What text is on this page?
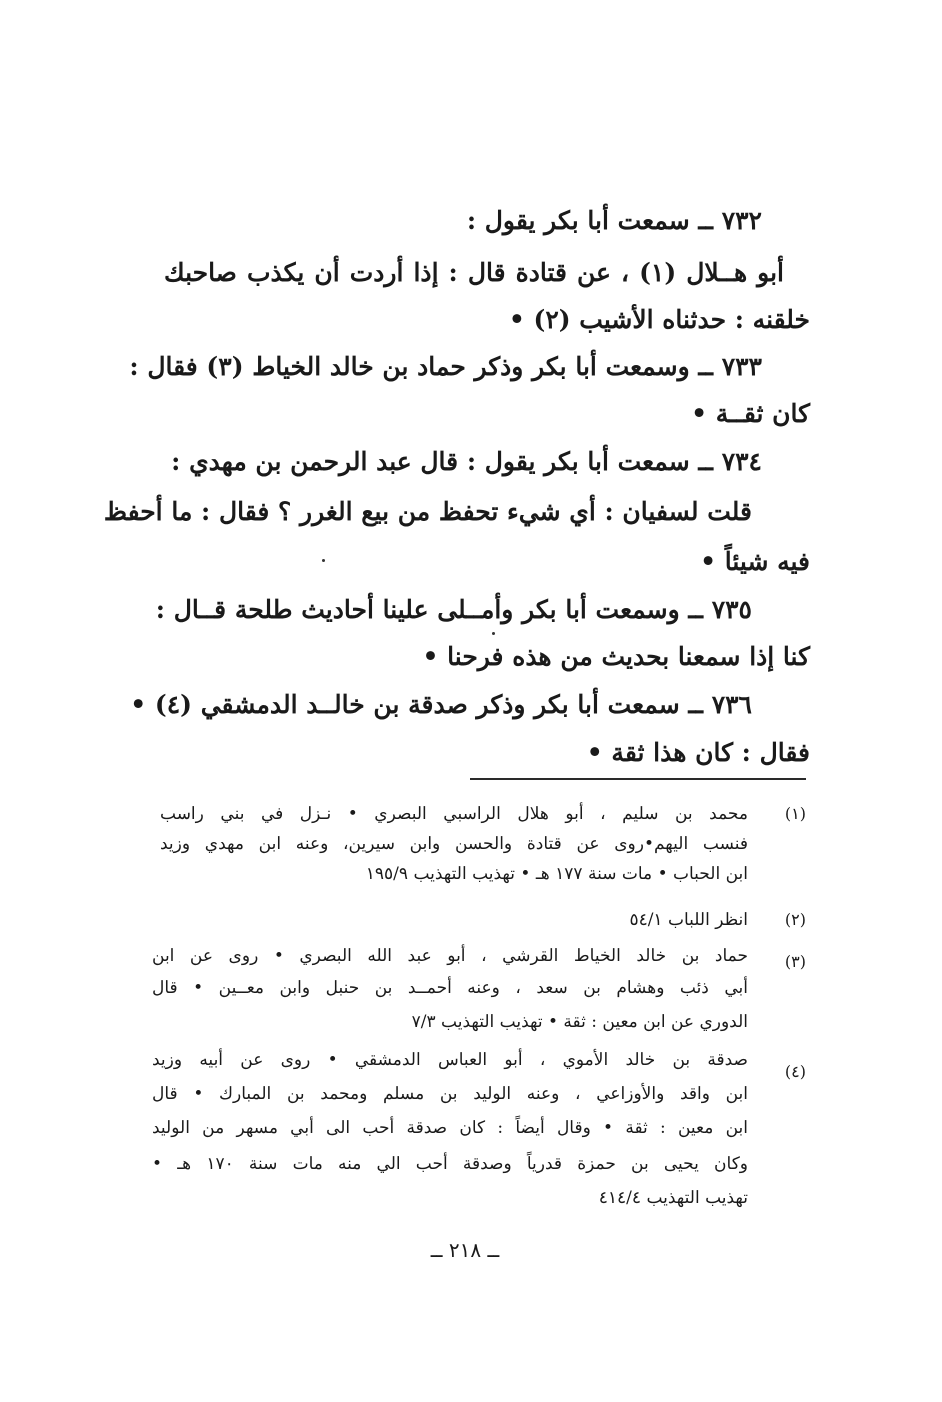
٧٣٢ ــ سمعت أبا بكر يقول :
أبو هــلال (١) ، عن قتادة قال : إذا أردت أن يكذب صاحبك
خلقنه : حدثناه الأشيب (٢) •
٧٣٣ ــ وسمعت أبا بكر وذكر حماد بن خالد الخياط (٣) فقال :
كان ثقــة •
٧٣٤ ــ سمعت أبا بكر يقول : قال عبد الرحمن بن مهدي :
قلت لسفيان : أي شيء تحفظ من بيع الغرر ؟ فقال : ما أحفظ
فيه شيئاً •
٧٣٥ ــ وسمعت أبا بكر وأمــلى علينا أحاديث طلحة قــال :
كنا إذا سمعنا بحديث من هذه فرحنا •
٧٣٦ ــ سمعت أبا بكر وذكر صدقة بن خالــد الدمشقي (٤) •
فقال : كان هذا ثقة •
(١)
محمد بن سليم ، أبو هلال الراسبي البصري • نـزل في بني راسب
فنسب اليهم•روى عن قتادة والحسن وابن سيرين، وعنه ابن مهدي وزيد
ابن الحباب • مات سنة ١٧٧ هـ • تهذيب التهذيب ١٩٥/٩
(٢)
انظر اللباب ٥٤/١
(٣)
حماد بن خالد الخياط القرشي ، أبو عبد الله البصري • روى عن ابن
أبي ذئب وهشام بن سعد ، وعنه أحمــد بن حنبل وابن معــين • قال
الدوري عن ابن معين : ثقة • تهذيب التهذيب ٧/٣
(٤)
صدقة بن خالد الأموي ، أبو العباس الدمشقي • روى عن أبيه وزيد
ابن واقد والأوزاعي ، وعنه الوليد بن مسلم ومحمد بن المبارك • قال
ابن معين : ثقة • وقال أيضاً : كان صدقة أحب الى أبي مسهر من الوليد
وكان يحيى بن حمزة قدرياً وصدقة أحب الي منه مات سنة ١٧٠ هـ •
تهذيب التهذيب ٤١٤/٤
ــ ٢١٨ ــ
